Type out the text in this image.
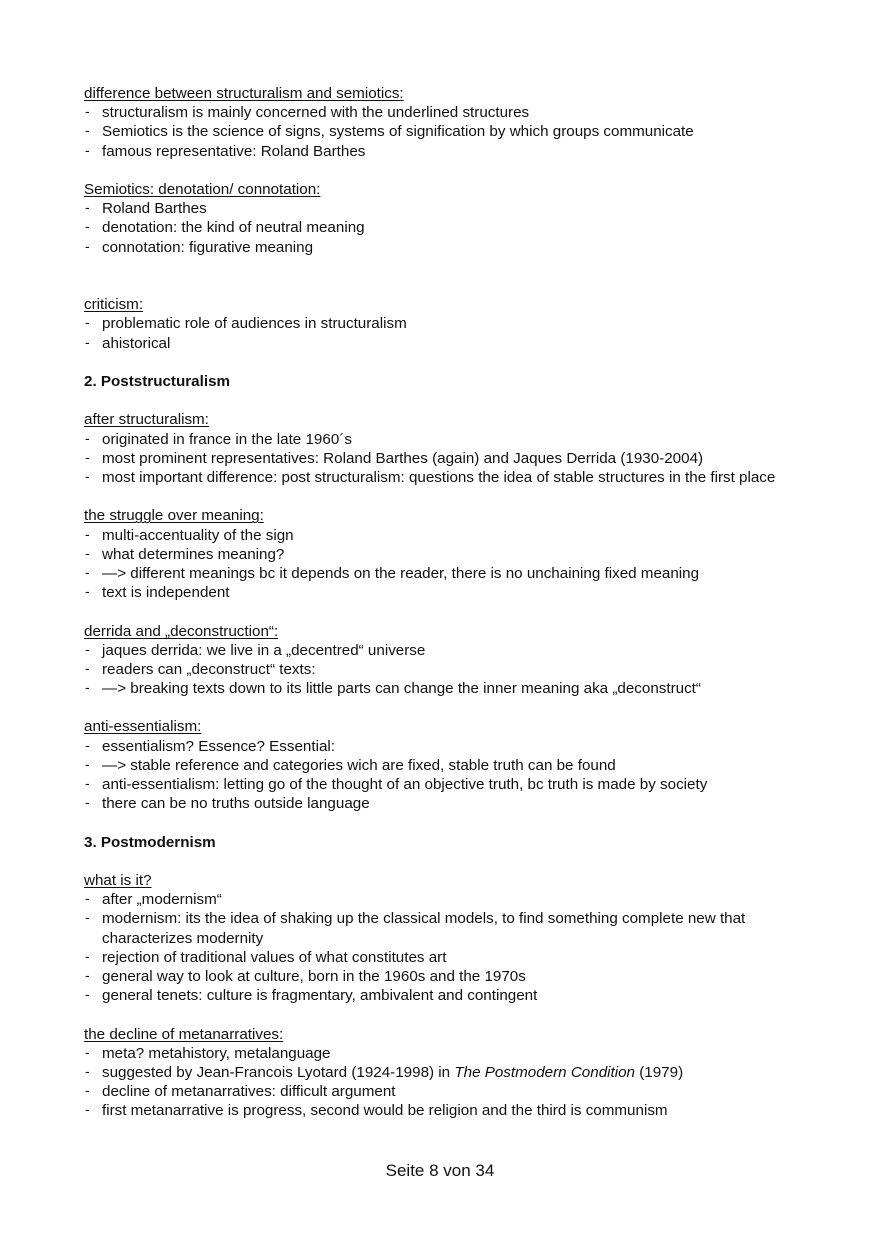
difference between structuralism and semiotics:
- structuralism is mainly concerned with the underlined structures
- Semiotics is the science of signs, systems of signification by which groups communicate
- famous representative: Roland Barthes
Semiotics: denotation/ connotation:
- Roland Barthes
- denotation: the kind of neutral meaning
- connotation: figurative meaning
criticism:
- problematic role of audiences in structuralism
- ahistorical
2. Poststructuralism
after structuralism:
- originated in france in the late 1960´s
- most prominent representatives: Roland Barthes (again) and Jaques Derrida (1930-2004)
- most important difference: post structuralism: questions the idea of stable structures in the first place
the struggle over meaning:
- multi-accentuality of the sign
- what determines meaning?
- —> different meanings bc it depends on the reader, there is no unchaining fixed meaning
- text is independent
derrida and „deconstruction“:
- jaques derrida: we live in a „decentred“ universe
- readers can „deconstruct“ texts:
- —> breaking texts down to its little parts can change the inner meaning aka „deconstruct“
anti-essentialism:
- essentialism? Essence? Essential:
- —> stable reference and categories wich are fixed, stable truth can be found
- anti-essentialism: letting go of the thought of an objective truth, bc truth is made by society
- there can be no truths outside language
3. Postmodernism
what is it?
- after „modernism“
- modernism: its the idea of shaking up the classical models, to find something complete new that characterizes modernity
- rejection of traditional values of what constitutes art
- general way to look at culture, born in the 1960s and the 1970s
- general tenets: culture is fragmentary, ambivalent and contingent
the decline of metanarratives:
- meta? metahistory, metalanguage
- suggested by Jean-Francois Lyotard (1924-1998) in The Postmodern Condition (1979)
- decline of metanarratives: difficult argument
- first metanarrative is progress, second would be religion and the third is communism
Seite 8 von 34
